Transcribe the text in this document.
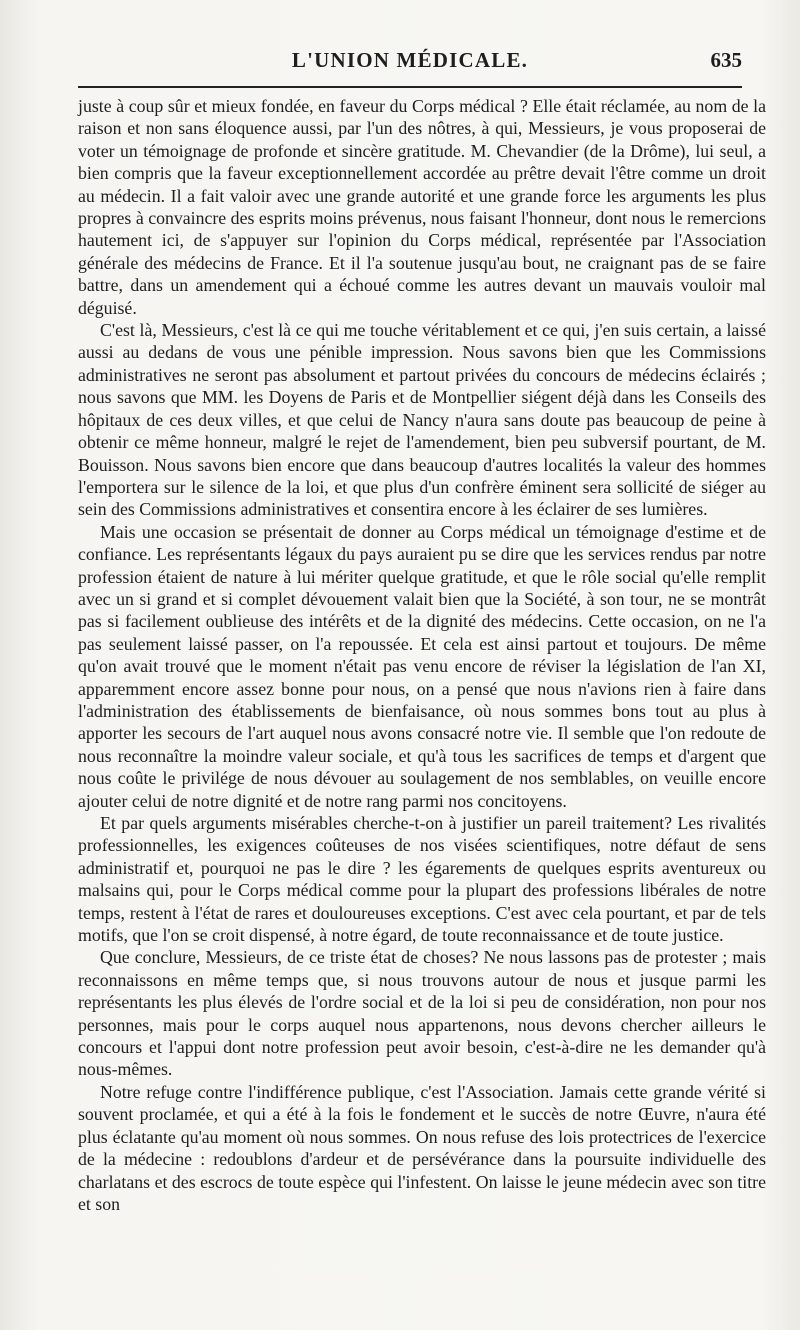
L'UNION MÉDICALE.	635

juste à coup sûr et mieux fondée, en faveur du Corps médical ? Elle était réclamée, au nom de la raison et non sans éloquence aussi, par l'un des nôtres, à qui, Messieurs, je vous proposerai de voter un témoignage de profonde et sincère gratitude. M. Chevandier (de la Drôme), lui seul, a bien compris que la faveur exceptionnellement accordée au prêtre devait l'être comme un droit au médecin. Il a fait valoir avec une grande autorité et une grande force les arguments les plus propres à convaincre des esprits moins prévenus, nous faisant l'honneur, dont nous le remercions hautement ici, de s'appuyer sur l'opinion du Corps médical, représentée par l'Association générale des médecins de France. Et il l'a soutenue jusqu'au bout, ne craignant pas de se faire battre, dans un amendement qui a échoué comme les autres devant un mauvais vouloir mal déguisé.

C'est là, Messieurs, c'est là ce qui me touche véritablement et ce qui, j'en suis certain, a laissé aussi au dedans de vous une pénible impression. Nous savons bien que les Commissions administratives ne seront pas absolument et partout privées du concours de médecins éclairés ; nous savons que MM. les Doyens de Paris et de Montpellier siégent déjà dans les Conseils des hôpitaux de ces deux villes, et que celui de Nancy n'aura sans doute pas beaucoup de peine à obtenir ce même honneur, malgré le rejet de l'amendement, bien peu subversif pourtant, de M. Bouisson. Nous savons bien encore que dans beaucoup d'autres localités la valeur des hommes l'emportera sur le silence de la loi, et que plus d'un confrère éminent sera sollicité de siéger au sein des Commissions administratives et consentira encore à les éclairer de ses lumières.

Mais une occasion se présentait de donner au Corps médical un témoignage d'estime et de confiance. Les représentants légaux du pays auraient pu se dire que les services rendus par notre profession étaient de nature à lui mériter quelque gratitude, et que le rôle social qu'elle remplit avec un si grand et si complet dévouement valait bien que la Société, à son tour, ne se montrât pas si facilement oublieuse des intérêts et de la dignité des médecins. Cette occasion, on ne l'a pas seulement laissé passer, on l'a repoussée. Et cela est ainsi partout et toujours. De même qu'on avait trouvé que le moment n'était pas venu encore de réviser la législation de l'an XI, apparemment encore assez bonne pour nous, on a pensé que nous n'avions rien à faire dans l'administration des établissements de bienfaisance, où nous sommes bons tout au plus à apporter les secours de l'art auquel nous avons consacré notre vie. Il semble que l'on redoute de nous reconnaître la moindre valeur sociale, et qu'à tous les sacrifices de temps et d'argent que nous coûte le privilége de nous dévouer au soulagement de nos semblables, on veuille encore ajouter celui de notre dignité et de notre rang parmi nos concitoyens.

Et par quels arguments misérables cherche-t-on à justifier un pareil traitement? Les rivalités professionnelles, les exigences coûteuses de nos visées scientifiques, notre défaut de sens administratif et, pourquoi ne pas le dire ? les égarements de quelques esprits aventureux ou malsains qui, pour le Corps médical comme pour la plupart des professions libérales de notre temps, restent à l'état de rares et douloureuses exceptions. C'est avec cela pourtant, et par de tels motifs, que l'on se croit dispensé, à notre égard, de toute reconnaissance et de toute justice.

Que conclure, Messieurs, de ce triste état de choses? Ne nous lassons pas de protester ; mais reconnaissons en même temps que, si nous trouvons autour de nous et jusque parmi les représentants les plus élevés de l'ordre social et de la loi si peu de considération, non pour nos personnes, mais pour le corps auquel nous appartenons, nous devons chercher ailleurs le concours et l'appui dont notre profession peut avoir besoin, c'est-à-dire ne les demander qu'à nous-mêmes.

Notre refuge contre l'indifférence publique, c'est l'Association. Jamais cette grande vérité si souvent proclamée, et qui a été à la fois le fondement et le succès de notre Œuvre, n'aura été plus éclatante qu'au moment où nous sommes. On nous refuse des lois protectrices de l'exercice de la médecine : redoublons d'ardeur et de persévérance dans la poursuite individuelle des charlatans et des escrocs de toute espèce qui l'infestent. On laisse le jeune médecin avec son titre et son
